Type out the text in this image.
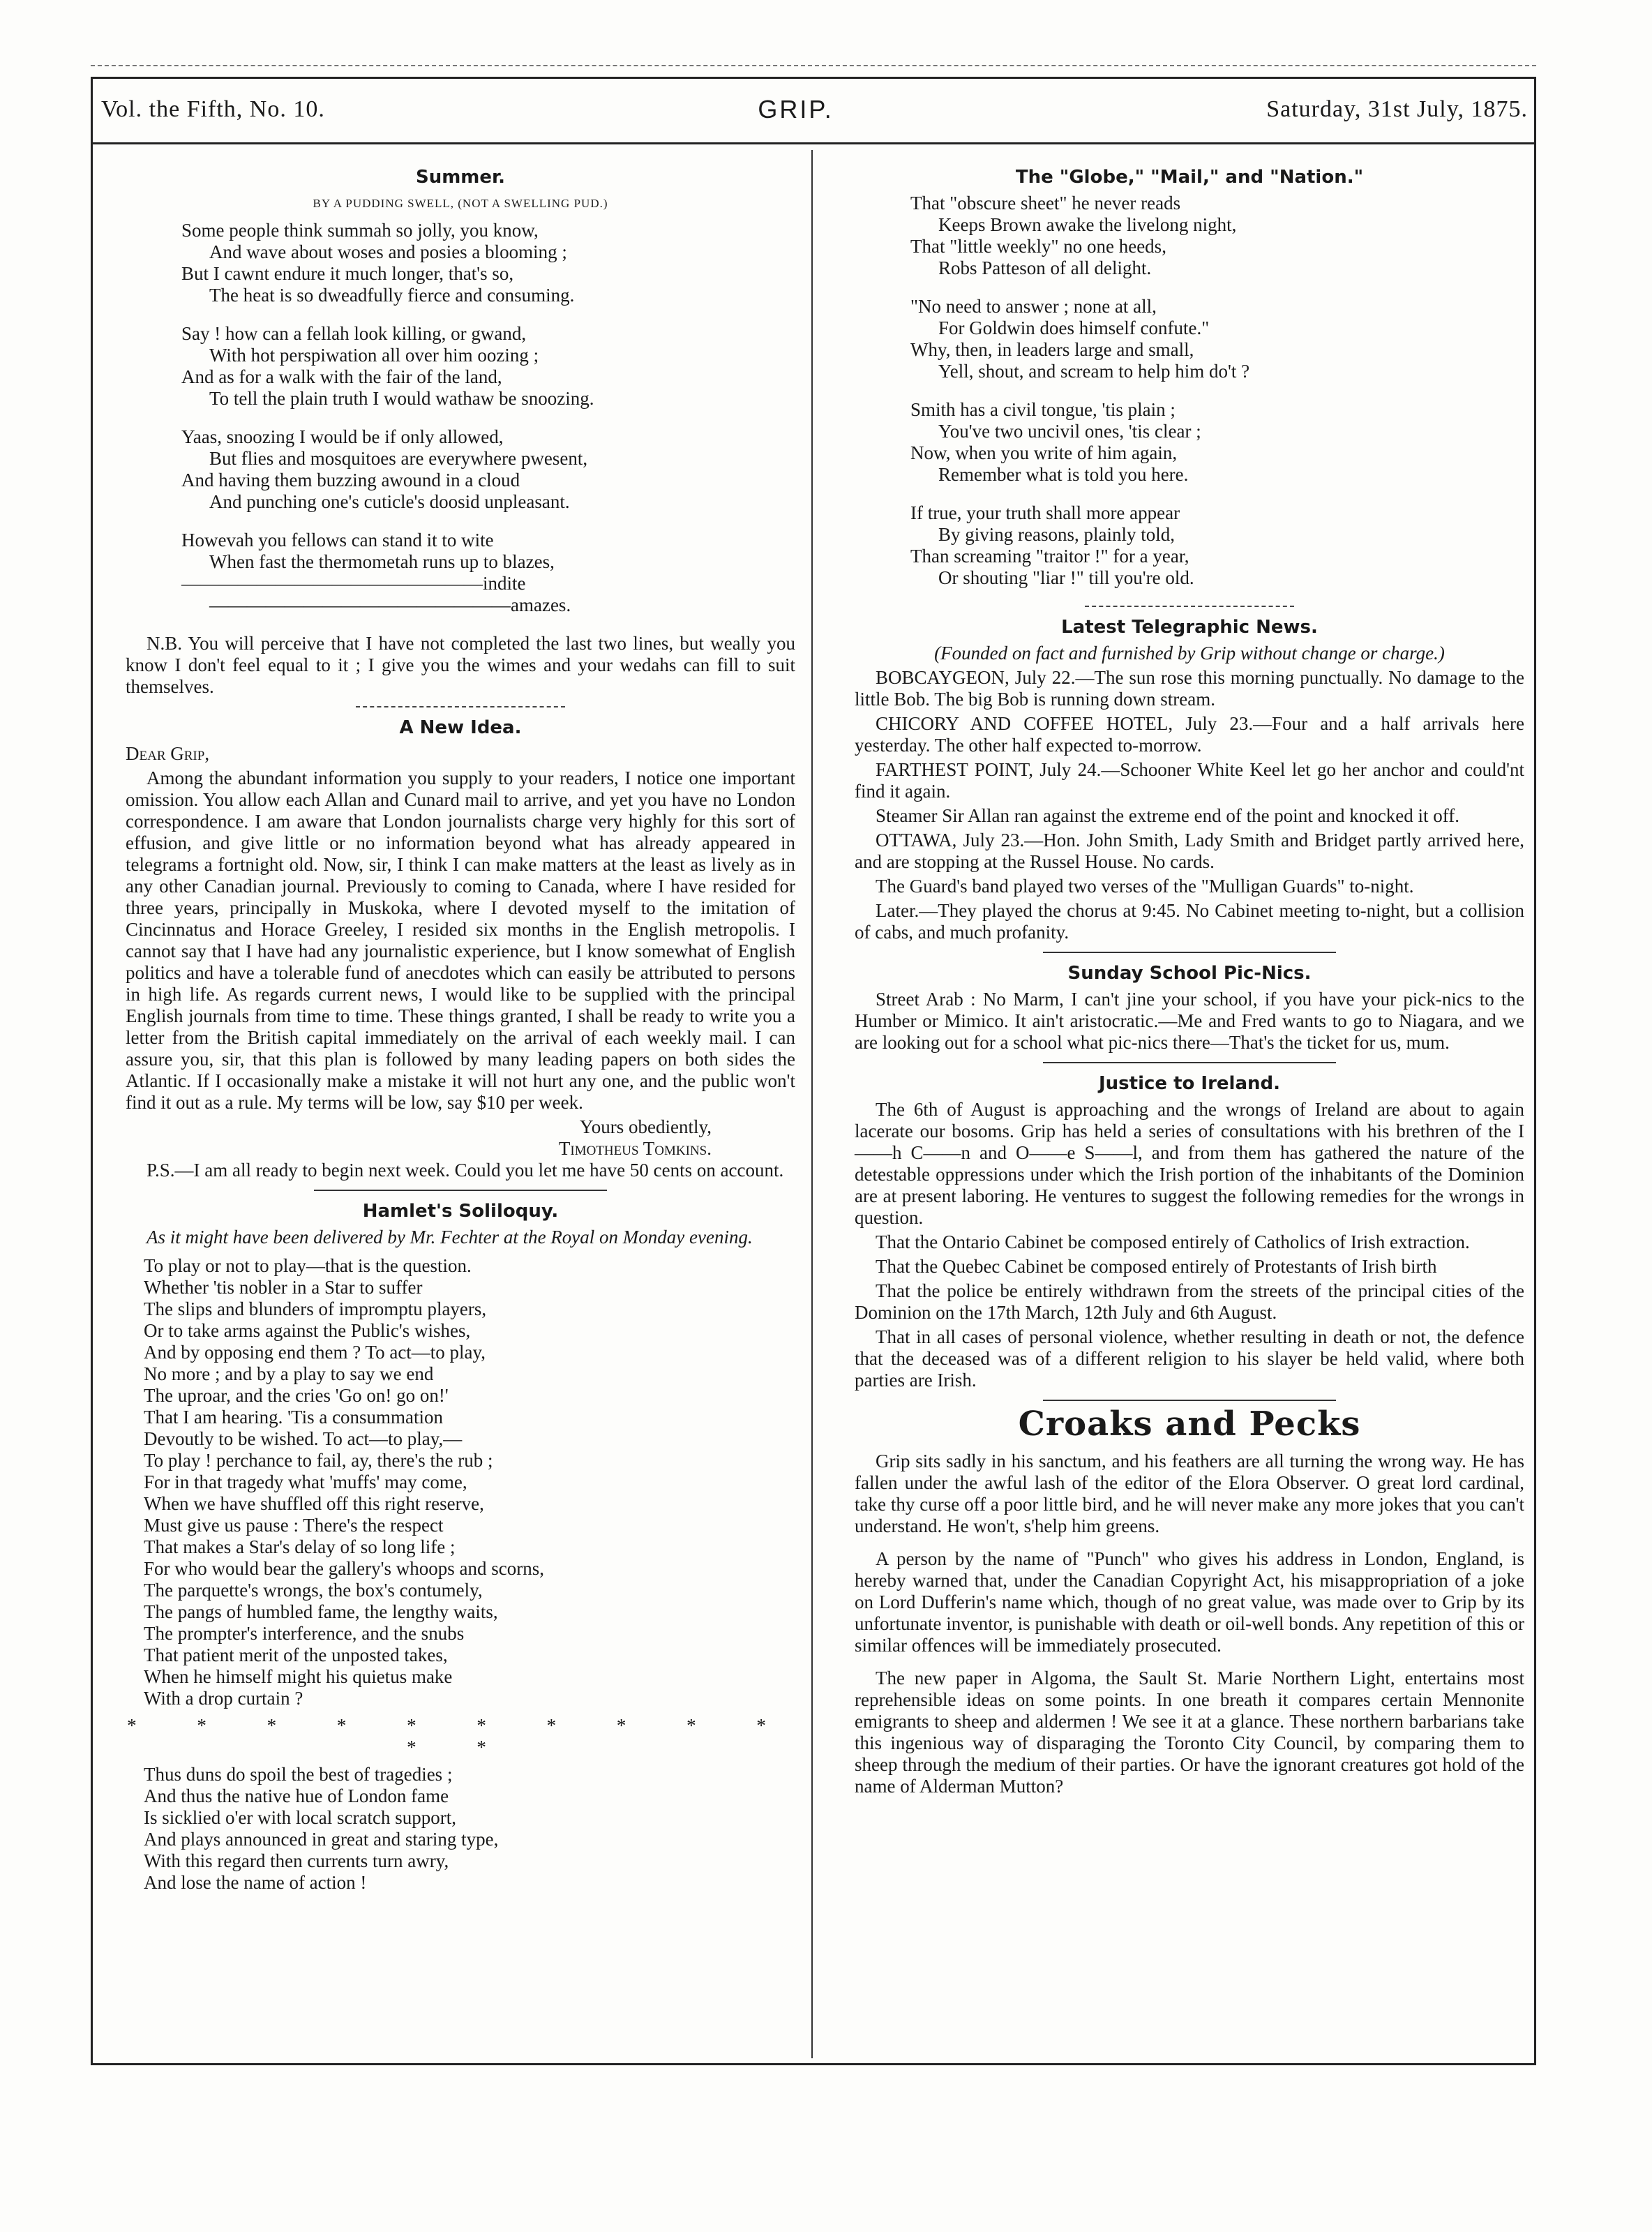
Vol. the Fifth, No. 10.	GRIP.	Saturday, 31st July, 1875.
Summer.
BY A PUDDING SWELL, (NOT A SWELLING PUD.)
Some people think summah so jolly, you know,
And wave about woses and posies a blooming ;
But I cawnt endure it much longer, that's so,
The heat is so dweadfully fierce and consuming.
Say ! how can a fellah look killing, or gwand,
With hot perspiwation all over him oozing ;
And as for a walk with the fair of the land,
To tell the plain truth I would wathaw be snoozing.
Yaas, snoozing I would be if only allowed,
But flies and mosquitoes are everywhere pwesent,
And having them buzzing awound in a cloud
And punching one's cuticle's doosid unpleasant.
Howevah you fellows can stand it to wite
When fast the thermometah runs up to blazes,
————————————————indite
————————————————amazes.

N.B. You will perceive that I have not completed the last two lines, but weally you know I don't feel equal to it ; I give you the wimes and your wedahs can fill to suit themselves.

A New Idea.

Dear Grip,

Among the abundant information you supply to your readers, I notice one important omission. You allow each Allan and Cunard mail to arrive, and yet you have no London correspondence. I am aware that London journalists charge very highly for this sort of effusion, and give little or no information beyond what has already appeared in telegrams a fortnight old. Now, sir, I think I can make matters at the least as lively as in any other Canadian journal. Previously to coming to Canada, where I have resided for three years, principally in Muskoka, where I devoted myself to the imitation of Cincinnatus and Horace Greeley, I resided six months in the English metropolis. I cannot say that I have had any journalistic experience, but I know somewhat of English politics and have a tolerable fund of anecdotes which can easily be attributed to persons in high life. As regards current news, I would like to be supplied with the principal English journals from time to time. These things granted, I shall be ready to write you a letter from the British capital immediately on the arrival of each weekly mail. I can assure you, sir, that this plan is followed by many leading papers on both sides the Atlantic. If I occasionally make a mistake it will not hurt any one, and the public won't find it out as a rule. My terms will be low, say $10 per week.

Yours obediently,
Timotheus Tomkins.

P.S.—I am all ready to begin next week. Could you let me have 50 cents on account.

Hamlet's Soliloquy.

As it might have been delivered by Mr. Fechter at the Royal on Monday evening.

To play or not to play—that is the question.
Whether 'tis nobler in a Star to suffer
The slips and blunders of impromptu players,
Or to take arms against the Public's wishes,
And by opposing end them ? To act—to play,
No more ; and by a play to say we end
The uproar, and the cries 'Go on! go on!'
That I am hearing. 'Tis a consummation
Devoutly to be wished. To act—to play,—
To play ! perchance to fail, ay, there's the rub ;
For in that tragedy what 'muffs' may come,
When we have shuffled off this right reserve,
Must give us pause : There's the respect
That makes a Star's delay of so long life ;
For who would bear the gallery's whoops and scorns,
The parquette's wrongs, the box's contumely,
The pangs of humbled fame, the lengthy waits,
The prompter's interference, and the snubs
That patient merit of the unposted takes,
When he himself might his quietus make
With a drop curtain ?
* * * * * * * * * * * *
Thus duns do spoil the best of tragedies ;
And thus the native hue of London fame
Is sicklied o'er with local scratch support,
And plays announced in great and staring type,
With this regard then currents turn awry,
And lose the name of action !
The "Globe," "Mail," and "Nation."
That "obscure sheet" he never reads
Keeps Brown awake the livelong night,
That "little weekly" no one heeds,
Robs Patteson of all delight.
"No need to answer ; none at all,
For Goldwin does himself confute."
Why, then, in leaders large and small,
Yell, shout, and scream to help him do't ?
Smith has a civil tongue, 'tis plain ;
You've two uncivil ones, 'tis clear ;
Now, when you write of him again,
Remember what is told you here.
If true, your truth shall more appear
By giving reasons, plainly told,
Than screaming "traitor !" for a year,
Or shouting "liar !" till you're old.
Latest Telegraphic News.

(Founded on fact and furnished by Grip without change or charge.)

BOBCAYGEON, July 22.—The sun rose this morning punctually. No damage to the little Bob. The big Bob is running down stream.

CHICORY AND COFFEE HOTEL, July 23.—Four and a half arrivals here yesterday. The other half expected to-morrow.

FARTHEST POINT, July 24.—Schooner White Keel let go her anchor and could'nt find it again.

Steamer Sir Allan ran against the extreme end of the point and knocked it off.

OTTAWA, July 23.—Hon. John Smith, Lady Smith and Bridget partly arrived here, and are stopping at the Russel House. No cards.

The Guard's band played two verses of the "Mulligan Guards" to-night.

Later.—They played the chorus at 9:45. No Cabinet meeting to-night, but a collision of cabs, and much profanity.

Sunday School Pic-Nics.

Street Arab : No Marm, I can't jine your school, if you have your pick-nics to the Humber or Mimico. It ain't aristocratic.—Me and Fred wants to go to Niagara, and we are looking out for a school what pic-nics there—That's the ticket for us, mum.

Justice to Ireland.

The 6th of August is approaching and the wrongs of Ireland are about to again lacerate our bosoms. Grip has held a series of consultations with his brethren of the I——h C——n and O——e S——l, and from them has gathered the nature of the detestable oppressions under which the Irish portion of the inhabitants of the Dominion are at present laboring. He ventures to suggest the following remedies for the wrongs in question.

That the Ontario Cabinet be composed entirely of Catholics of Irish extraction.

That the Quebec Cabinet be composed entirely of Protestants of Irish birth

That the police be entirely withdrawn from the streets of the principal cities of the Dominion on the 17th March, 12th July and 6th August.

That in all cases of personal violence, whether resulting in death or not, the defence that the deceased was of a different religion to his slayer be held valid, where both parties are Irish.

Croaks and Pecks

Grip sits sadly in his sanctum, and his feathers are all turning the wrong way. He has fallen under the awful lash of the editor of the Elora Observer. O great lord cardinal, take thy curse off a poor little bird, and he will never make any more jokes that you can't understand. He won't, s'help him greens.

A person by the name of "Punch" who gives his address in London, England, is hereby warned that, under the Canadian Copyright Act, his misappropriation of a joke on Lord Dufferin's name which, though of no great value, was made over to Grip by its unfortunate inventor, is punishable with death or oil-well bonds. Any repetition of this or similar offences will be immediately prosecuted.

The new paper in Algoma, the Sault St. Marie Northern Light, entertains most reprehensible ideas on some points. In one breath it compares certain Mennonite emigrants to sheep and aldermen ! We see it at a glance. These northern barbarians take this ingenious way of disparaging the Toronto City Council, by comparing them to sheep through the medium of their parties. Or have the ignorant creatures got hold of the name of Alderman Mutton?
